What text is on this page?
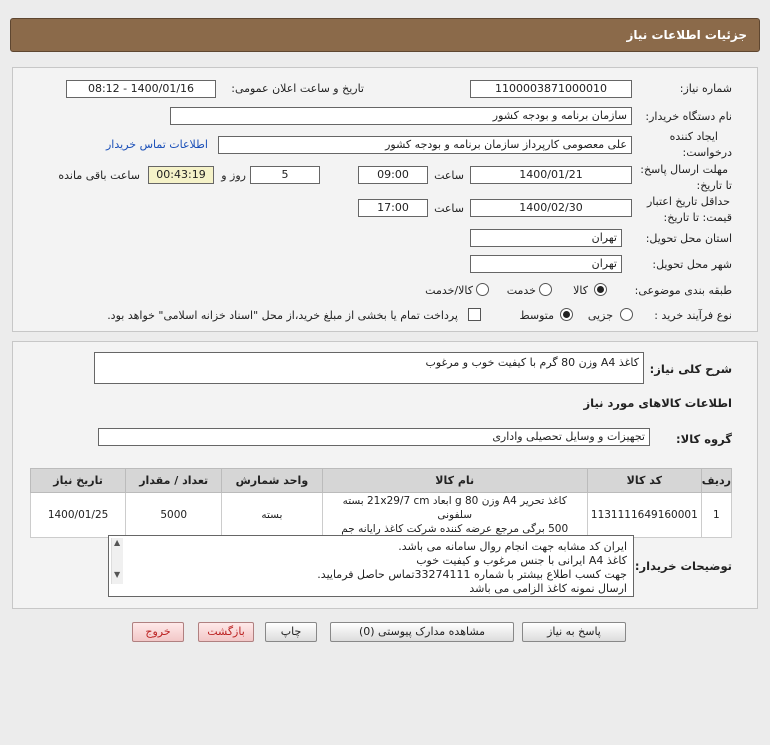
جزئیات اطلاعات نیاز
شماره نیاز:
1100003871000010
تاریخ و ساعت اعلان عمومی:
1400/01/16 - 08:12
نام دستگاه خریدار:
سازمان برنامه و بودجه کشور
ایجاد کننده
درخواست:
علی معصومی کارپرداز سازمان برنامه و بودجه کشور
اطلاعات تماس خریدار
مهلت ارسال پاسخ:
تا تاریخ:
1400/01/21
ساعت
09:00
5
روز و
00:43:19
ساعت باقی مانده
حداقل تاریخ اعتبار
قیمت: تا تاریخ:
1400/02/30
ساعت
17:00
استان محل تحویل:
تهران
شهر محل تحویل:
تهران
طبقه بندی موضوعی:
کالا
خدمت
کالا/خدمت
نوع فرآیند خرید :
جزیی
متوسط
پرداخت تمام یا بخشی از مبلغ خرید،از محل "اسناد خزانه اسلامی" خواهد بود.
شرح کلی نیاز:
کاغذ A4 وزن 80 گرم با کیفیت خوب و مرغوب
اطلاعات کالاهای مورد نیاز
گروه کالا:
تجهیزات و وسایل تحصیلی واداری
ردیف	کد کالا	نام کالا	واحد شمارش	تعداد / مقدار	تاریخ نیاز
1	1131111649160001	کاغذ تحریر A4 وزن 80 g ابعاد 21x29/7 cm بسته سلفونی
500 برگی مرجع عرضه کننده شرکت کاغذ رایانه جم	بسته	5000	1400/01/25
توضیحات خریدار:
▲
▼
ایران کد مشابه جهت انجام روال سامانه می باشد.
کاغذ A4 ایرانی با جنس مرغوب و کیفیت خوب
جهت کسب اطلاع بیشتر با شماره 33274111تماس حاصل فرمایید.
ارسال نمونه کاغذ الزامی می باشد
پاسخ به نیاز
مشاهده مدارک پیوستی (0)
چاپ
بازگشت
خروج
